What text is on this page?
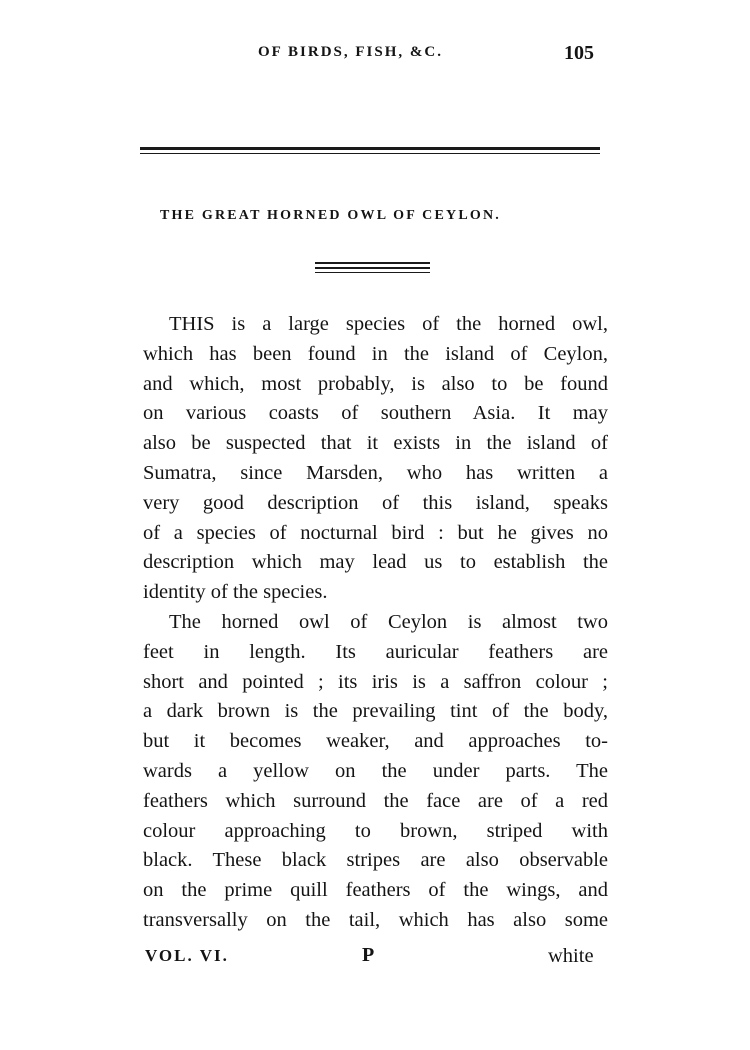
OF BIRDS, FISH, &C.	105
THE GREAT HORNED OWL OF CEYLON.
THIS is a large species of the horned owl,
which has been found in the island of Ceylon,
and which, most probably, is also to be found
on various coasts of southern Asia. It may
also be suspected that it exists in the island of
Sumatra, since Marsden, who has written a
very good description of this island, speaks
of a species of nocturnal bird : but he gives no
description which may lead us to establish the
identity of the species.
The horned owl of Ceylon is almost two
feet in length. Its auricular feathers are
short and pointed ; its iris is a saffron colour ;
a dark brown is the prevailing tint of the body,
but it becomes weaker, and approaches to-
wards a yellow on the under parts. The
feathers which surround the face are of a red
colour approaching to brown, striped with
black. These black stripes are also observable
on the prime quill feathers of the wings, and
transversally on the tail, which has also some
VOL. VI.	P	white
